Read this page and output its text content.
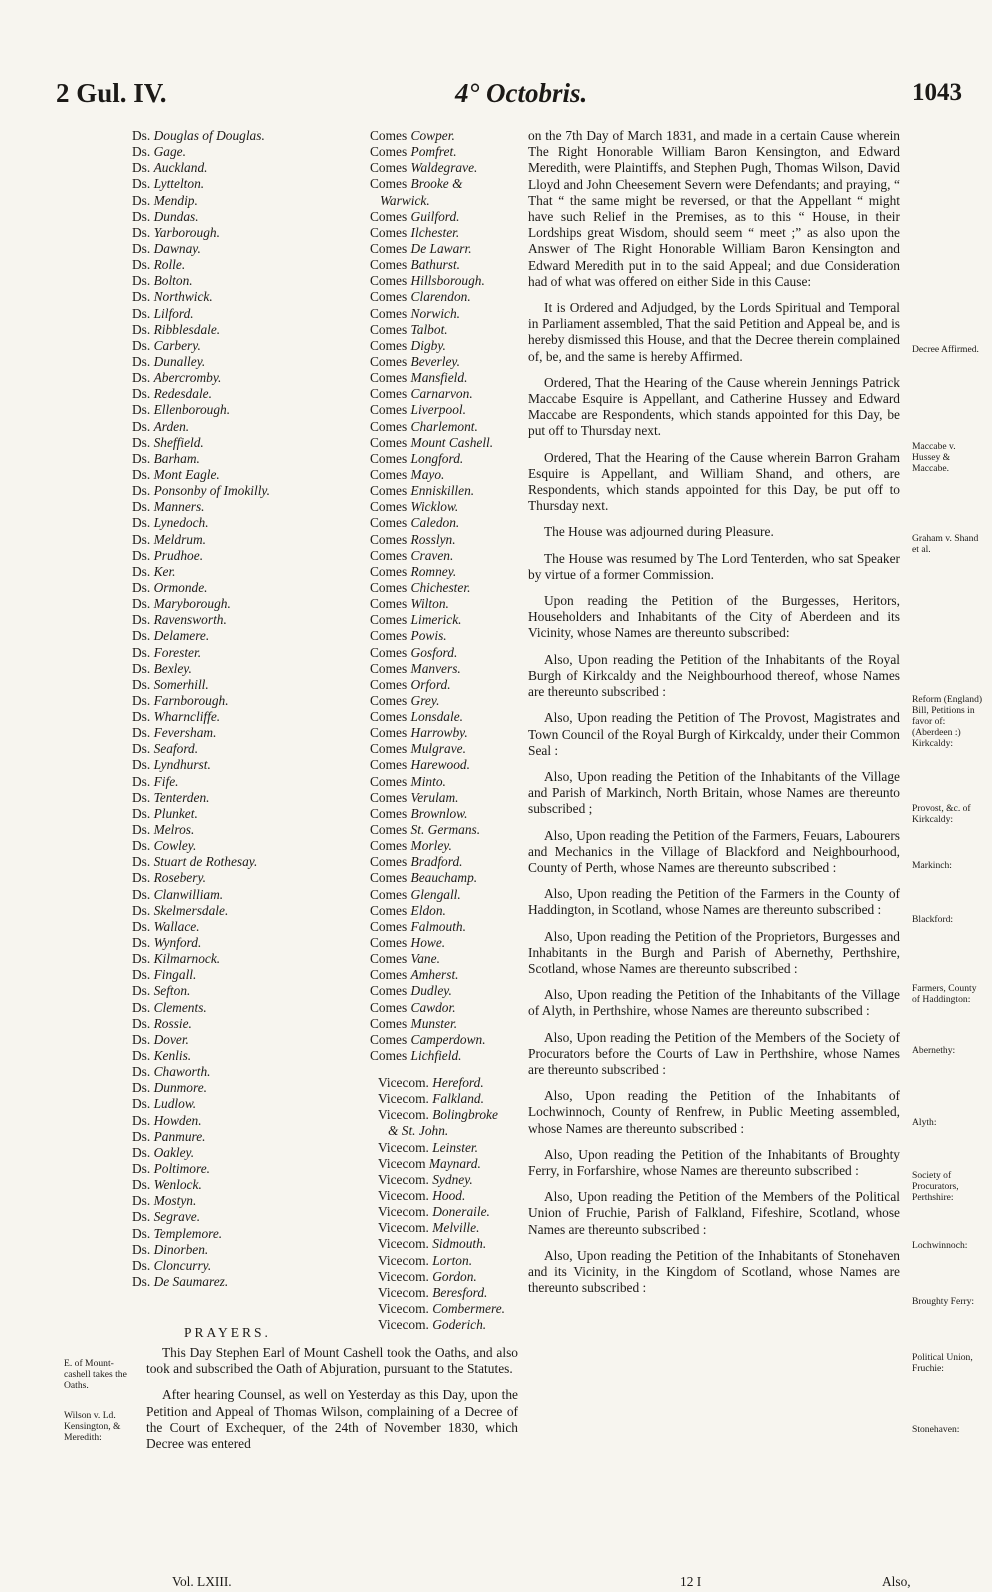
2 Gul. IV.	4° Octobris.	1043
Ds. Douglas of Douglas.
Ds. Gage.
Ds. Auckland.
Ds. Lyttelton.
Ds. Mendip.
Ds. Dundas.
Ds. Yarborough.
Ds. Dawnay.
Ds. Rolle.
Ds. Bolton.
Ds. Northwick.
Ds. Lilford.
Ds. Ribblesdale.
Ds. Carbery.
Ds. Dunalley.
Ds. Abercromby.
Ds. Redesdale.
Ds. Ellenborough.
Ds. Arden.
Ds. Sheffield.
Ds. Barham.
Ds. Mont Eagle.
Ds. Ponsonby of Imokilly.
Ds. Manners.
Ds. Lynedoch.
Ds. Meldrum.
Ds. Prudhoe.
Ds. Ker.
Ds. Ormonde.
Ds. Maryborough.
Ds. Ravensworth.
Ds. Delamere.
Ds. Forester.
Ds. Bexley.
Ds. Somerhill.
Ds. Farnborough.
Ds. Wharncliffe.
Ds. Feversham.
Ds. Seaford.
Ds. Lyndhurst.
Ds. Fife.
Ds. Tenterden.
Ds. Plunket.
Ds. Melros.
Ds. Cowley.
Ds. Stuart de Rothesay.
Ds. Rosebery.
Ds. Clanwilliam.
Ds. Skelmersdale.
Ds. Wallace.
Ds. Wynford.
Ds. Kilmarnock.
Ds. Fingall.
Ds. Sefton.
Ds. Clements.
Ds. Rossie.
Ds. Dover.
Ds. Kenlis.
Ds. Chaworth.
Ds. Dunmore.
Ds. Ludlow.
Ds. Howden.
Ds. Panmure.
Ds. Oakley.
Ds. Poltimore.
Ds. Wenlock.
Ds. Mostyn.
Ds. Segrave.
Ds. Templemore.
Ds. Dinorben.
Ds. Cloncurry.
Ds. De Saumarez.
Comes Cowper.
Comes Pomfret.
Comes Waldegrave.
Comes Brooke &
Warwick.
Comes Guilford.
Comes Ilchester.
Comes De Lawarr.
Comes Bathurst.
Comes Hillsborough.
Comes Clarendon.
Comes Norwich.
Comes Talbot.
Comes Digby.
Comes Beverley.
Comes Mansfield.
Comes Carnarvon.
Comes Liverpool.
Comes Charlemont.
Comes Mount Cashell.
Comes Longford.
Comes Mayo.
Comes Enniskillen.
Comes Wicklow.
Comes Caledon.
Comes Rosslyn.
Comes Craven.
Comes Romney.
Comes Chichester.
Comes Wilton.
Comes Limerick.
Comes Powis.
Comes Gosford.
Comes Manvers.
Comes Orford.
Comes Grey.
Comes Lonsdale.
Comes Harrowby.
Comes Mulgrave.
Comes Harewood.
Comes Minto.
Comes Verulam.
Comes Brownlow.
Comes St. Germans.
Comes Morley.
Comes Bradford.
Comes Beauchamp.
Comes Glengall.
Comes Eldon.
Comes Falmouth.
Comes Howe.
Comes Vane.
Comes Amherst.
Comes Dudley.
Comes Cawdor.
Comes Munster.
Comes Camperdown.
Comes Lichfield.
Vicecom. Hereford.
Vicecom. Falkland.
Vicecom. Bolingbroke
& St. John.
Vicecom. Leinster.
Vicecom Maynard.
Vicecom. Sydney.
Vicecom. Hood.
Vicecom. Doneraile.
Vicecom. Melville.
Vicecom. Sidmouth.
Vicecom. Lorton.
Vicecom. Gordon.
Vicecom. Beresford.
Vicecom. Combermere.
Vicecom. Goderich.

on the 7th Day of March 1831, and made in a certain Cause wherein The Right Honorable William Baron Kensington, and Edward Meredith, were Plaintiffs, and Stephen Pugh, Thomas Wilson, David Lloyd and John Cheesement Severn were Defendants; and praying, “ That “ the same might be reversed, or that the Appellant “ might have such Relief in the Premises, as to this “ House, in their Lordships great Wisdom, should seem “ meet ;” as also upon the Answer of The Right Honorable William Baron Kensington and Edward Meredith put in to the said Appeal; and due Consideration had of what was offered on either Side in this Cause:

It is Ordered and Adjudged, by the Lords Spiritual and Temporal in Parliament assembled, That the said Petition and Appeal be, and is hereby dismissed this House, and that the Decree therein complained of, be, and the same is hereby Affirmed.

Ordered, That the Hearing of the Cause wherein Jennings Patrick Maccabe Esquire is Appellant, and Catherine Hussey and Edward Maccabe are Respondents, which stands appointed for this Day, be put off to Thursday next.

Ordered, That the Hearing of the Cause wherein Barron Graham Esquire is Appellant, and William Shand, and others, are Respondents, which stands appointed for this Day, be put off to Thursday next.

The House was adjourned during Pleasure.

The House was resumed by The Lord Tenterden, who sat Speaker by virtue of a former Commission.

Upon reading the Petition of the Burgesses, Heritors, Householders and Inhabitants of the City of Aberdeen and its Vicinity, whose Names are thereunto subscribed:

Also, Upon reading the Petition of the Inhabitants of the Royal Burgh of Kirkcaldy and the Neighbourhood thereof, whose Names are thereunto subscribed :

Also, Upon reading the Petition of The Provost, Magistrates and Town Council of the Royal Burgh of Kirkcaldy, under their Common Seal :

Also, Upon reading the Petition of the Inhabitants of the Village and Parish of Markinch, North Britain, whose Names are thereunto subscribed ;

Also, Upon reading the Petition of the Farmers, Feuars, Labourers and Mechanics in the Village of Blackford and Neighbourhood, County of Perth, whose Names are thereunto subscribed :

Also, Upon reading the Petition of the Farmers in the County of Haddington, in Scotland, whose Names are thereunto subscribed :

Also, Upon reading the Petition of the Proprietors, Burgesses and Inhabitants in the Burgh and Parish of Abernethy, Perthshire, Scotland, whose Names are thereunto subscribed :

Also, Upon reading the Petition of the Inhabitants of the Village of Alyth, in Perthshire, whose Names are thereunto subscribed :

Also, Upon reading the Petition of the Members of the Society of Procurators before the Courts of Law in Perthshire, whose Names are thereunto subscribed :

Also, Upon reading the Petition of the Inhabitants of Lochwinnoch, County of Renfrew, in Public Meeting assembled, whose Names are thereunto subscribed :

Also, Upon reading the Petition of the Inhabitants of Broughty Ferry, in Forfarshire, whose Names are thereunto subscribed :

Also, Upon reading the Petition of the Members of the Political Union of Fruchie, Parish of Falkland, Fifeshire, Scotland, whose Names are thereunto subscribed :

Also, Upon reading the Petition of the Inhabitants of Stonehaven and its Vicinity, in the Kingdom of Scotland, whose Names are thereunto subscribed :

Decree Affirmed.
Maccabe v. Hussey & Maccabe.
Graham v. Shand et al.
Reform (England) Bill, Petitions in favor of: (Aberdeen :) Kirkcaldy:
Provost, &c. of Kirkcaldy:
Markinch:
Blackford:
Farmers, County of Haddington:
Abernethy:
Alyth:
Society of Procurators, Perthshire:
Lochwinnoch:
Broughty Ferry:
Political Union, Fruchie:
Stonehaven:
PRAYERS.
E. of Mount-cashell takes the Oaths.
Wilson v. Ld. Kensington, & Meredith:

This Day Stephen Earl of Mount Cashell took the Oaths, and also took and subscribed the Oath of Abjuration, pursuant to the Statutes.

After hearing Counsel, as well on Yesterday as this Day, upon the Petition and Appeal of Thomas Wilson, complaining of a Decree of the Court of Exchequer, of the 24th of November 1830, which Decree was entered

Vol. LXIII.	12 I	Also,
